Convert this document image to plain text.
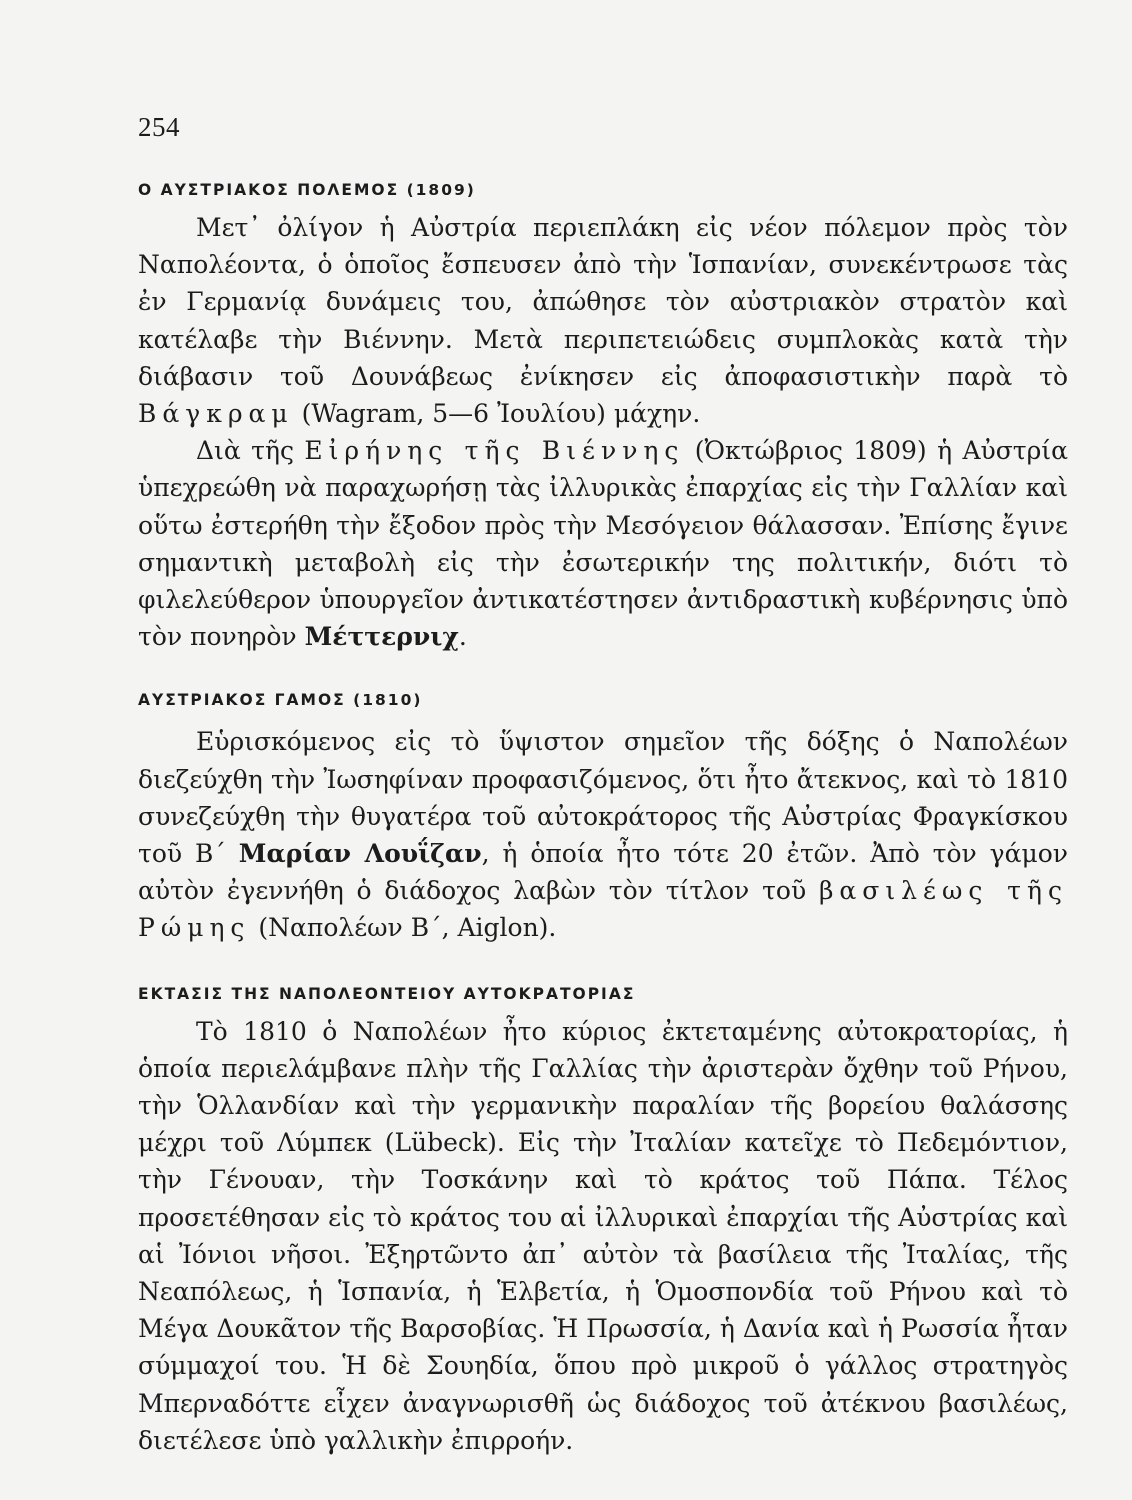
254
Ο ΑΥΣΤΡΙΑΚΟΣ ΠΟΛΕΜΟΣ (1809)

Μετ᾽ ὀλίγον ἡ Αὐστρία περιεπλάκη εἰς νέον πόλεμον πρὸς τὸν Ναπολέοντα, ὁ ὁποῖος ἔσπευσεν ἀπὸ τὴν Ἱσπανίαν, συνεκέντρωσε τὰς ἐν Γερμανίᾳ δυνάμεις του, ἀπώθησε τὸν αὐστριακὸν στρατὸν καὶ κατέλαβε τὴν Βιέννην. Μετὰ περιπετειώδεις συμπλοκὰς κατὰ τὴν διάβασιν τοῦ Δουνάβεως ἐνίκησεν εἰς ἀποφασιστικὴν παρὰ τὸ Βάγκραμ (Wagram, 5—6 Ἰουλίου) μάχην.

Διὰ τῆς Εἰρήνης τῆς Βιέννης (Ὀκτώβριος 1809) ἡ Αὐστρία ὑπεχρεώθη νὰ παραχωρήσῃ τὰς ἰλλυρικὰς ἐπαρχίας εἰς τὴν Γαλλίαν καὶ οὕτω ἐστερήθη τὴν ἔξοδον πρὸς τὴν Μεσόγειον θάλασσαν. Ἐπίσης ἔγινε σημαντικὴ μεταβολὴ εἰς τὴν ἐσωτερικήν της πολιτικήν, διότι τὸ φιλελεύθερον ὑπουργεῖον ἀντικατέστησεν ἀντιδραστικὴ κυβέρνησις ὑπὸ τὸν πονηρὸν Μέττερνιχ.

ΑΥΣΤΡΙΑΚΟΣ ΓΑΜΟΣ (1810)

Εὑρισκόμενος εἰς τὸ ὕψιστον σημεῖον τῆς δόξης ὁ Ναπολέων διεζεύχθη τὴν Ἰωσηφίναν προφασιζόμενος, ὅτι ἦτο ἄτεκνος, καὶ τὸ 1810 συνεζεύχθη τὴν θυγατέρα τοῦ αὐτοκράτορος τῆς Αὐστρίας Φραγκίσκου τοῦ Β´ Μαρίαν Λουΐζαν, ἡ ὁποία ἦτο τότε 20 ἐτῶν. Ἀπὸ τὸν γάμον αὐτὸν ἐγεννήθη ὁ διάδοχος λαβὼν τὸν τίτλον τοῦ βασιλέως τῆς Ρώμης (Ναπολέων Β´, Aiglon).

ΕΚΤΑΣΙΣ ΤΗΣ ΝΑΠΟΛΕΟΝΤΕΙΟΥ ΑΥΤΟΚΡΑΤΟΡΙΑΣ

Τὸ 1810 ὁ Ναπολέων ἦτο κύριος ἐκτεταμένης αὐτοκρατορίας, ἡ ὁποία περιελάμβανε πλὴν τῆς Γαλλίας τὴν ἀριστερὰν ὄχθην τοῦ Ρήνου, τὴν Ὁλλανδίαν καὶ τὴν γερμανικὴν παραλίαν τῆς βορείου θαλάσσης μέχρι τοῦ Λύμπεκ (Lübeck). Εἰς τὴν Ἰταλίαν κατεῖχε τὸ Πεδεμόντιον, τὴν Γένουαν, τὴν Τοσκάνην καὶ τὸ κράτος τοῦ Πάπα. Τέλος προσετέθησαν εἰς τὸ κράτος του αἱ ἰλλυρικαὶ ἐπαρχίαι τῆς Αὐστρίας καὶ αἱ Ἰόνιοι νῆσοι. Ἐξηρτῶντο ἀπ᾽ αὐτὸν τὰ βασίλεια τῆς Ἰταλίας, τῆς Νεαπόλεως, ἡ Ἱσπανία, ἡ Ἑλβετία, ἡ Ὁμοσπονδία τοῦ Ρήνου καὶ τὸ Μέγα Δουκᾶτον τῆς Βαρσοβίας. Ἡ Πρωσσία, ἡ Δανία καὶ ἡ Ρωσσία ἦταν σύμμαχοί του. Ἡ δὲ Σουηδία, ὅπου πρὸ μικροῦ ὁ γάλλος στρατηγὸς Μπερναδόττε εἶχεν ἀναγνωρισθῆ ὡς διάδοχος τοῦ ἀτέκνου βασιλέως, διετέλεσε ὑπὸ γαλλικὴν ἐπιρροήν.
